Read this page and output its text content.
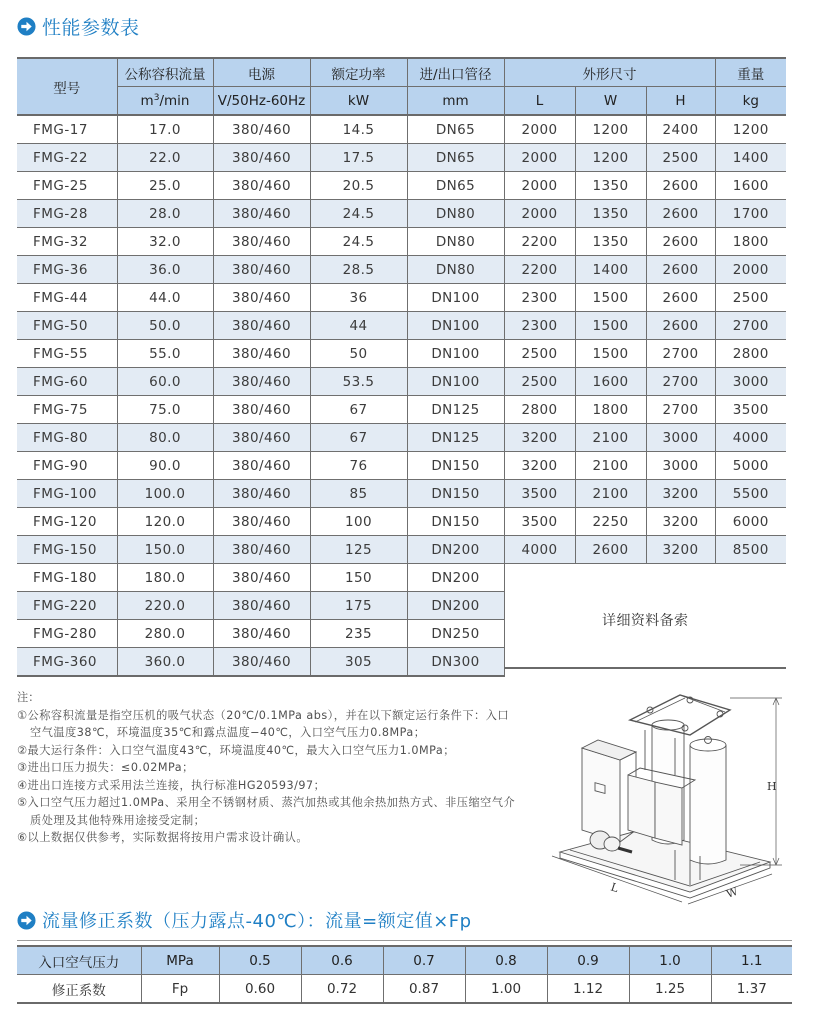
性能参数表
型号	公称容积流量	电源	额定功率	进/出口管径	外形尺寸			重量
	$m^3/\min$	V/50Hz-60Hz	kW	mm	L	W	H	kg
FMG-17	17.0	380/460	14.5	DN65	2000	1200	2400	1200
FMG-22	22.0	380/460	17.5	DN65	2000	1200	2500	1400
FMG-25	25.0	380/460	20.5	DN65	2000	1350	2600	1600
FMG-28	28.0	380/460	24.5	DN80	2000	1350	2600	1700
FMG-32	32.0	380/460	24.5	DN80	2200	1350	2600	1800
FMG-36	36.0	380/460	28.5	DN80	2200	1400	2600	2000
FMG-44	44.0	380/460	36	DN100	2300	1500	2600	2500
FMG-50	50.0	380/460	44	DN100	2300	1500	2600	2700
FMG-55	55.0	380/460	50	DN100	2500	1500	2700	2800
FMG-60	60.0	380/460	53.5	DN100	2500	1600	2700	3000
FMG-75	75.0	380/460	67	DN125	2800	1800	2700	3500
FMG-80	80.0	380/460	67	DN125	3200	2100	3000	4000
FMG-90	90.0	380/460	76	DN150	3200	2100	3000	5000
FMG-100	100.0	380/460	85	DN150	3500	2100	3200	5500
FMG-120	120.0	380/460	100	DN150	3500	2250	3200	6000
FMG-150	150.0	380/460	125	DN200	4000	2600	3200	8500
FMG-180	180.0	380/460	150	DN200	详细资料备索			
FMG-220	220.0	380/460	175	DN200				
FMG-280	280.0	380/460	235	DN250				
FMG-360	360.0	380/460	305	DN300				
注：
①公称容积流量是指空压机的吸气状态（20℃/0.1MPa abs），并在以下额定运行条件下：入口空气温度38℃，环境温度35℃和露点温度−40℃，入口空气压力0.8MPa；
②最大运行条件：入口空气温度43℃，环境温度40℃，最大入口空气压力1.0MPa；
③进出口压力损失：≤0.02MPa；
④进出口连接方式采用法兰连接，执行标准HG20593/97；
⑤入口空气压力超过1.0MPa、采用全不锈钢材质、蒸汽加热或其他余热加热方式、非压缩空气介质处理及其他特殊用途接受定制；
⑥以上数据仅供参考，实际数据将按用户需求设计确认。
H
L	W
流量修正系数（压力露点-40℃）：流量=额定值×Fp
入口空气压力	MPa	0.5	0.6	0.7	0.8	0.9	1.0	1.1
修正系数	Fp	0.60	0.72	0.87	1.00	1.12	1.25	1.37
